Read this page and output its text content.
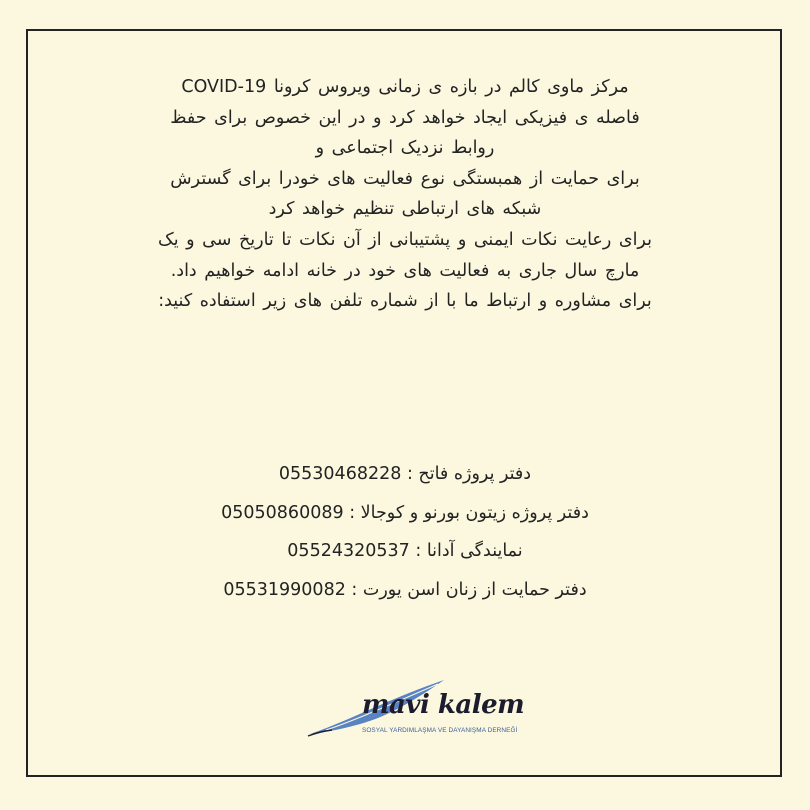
مرکز ماوی کالم در بازه ی زمانی ویروس کرونا COVID-19
فاصله ی فیزیکی ایجاد خواهد کرد و در این خصوص برای حفظ
روابط نزدیک اجتماعی و
برای حمایت از همبستگی نوع فعالیت های خودرا برای گسترش
شبکه های ارتباطی تنظیم خواهد کرد
برای رعایت نکات ایمنی و پشتیبانی از آن نکات تا تاریخ سی و یک
مارچ سال جاری به فعالیت های خود در خانه ادامه خواهیم داد.
برای مشاوره و ارتباط ما با از شماره تلفن های زیر استفاده کنید:
دفتر پروژه فاتح : 05530468228
دفتر پروژه زیتون بورنو و کوجالا : 05050860089
نمایندگی آدانا : 05524320537
دفتر حمایت از زنان اسن یورت : 05531990082
mavi kalem
SOSYAL YARDIMLAŞMA VE DAYANIŞMA DERNEĞİ
